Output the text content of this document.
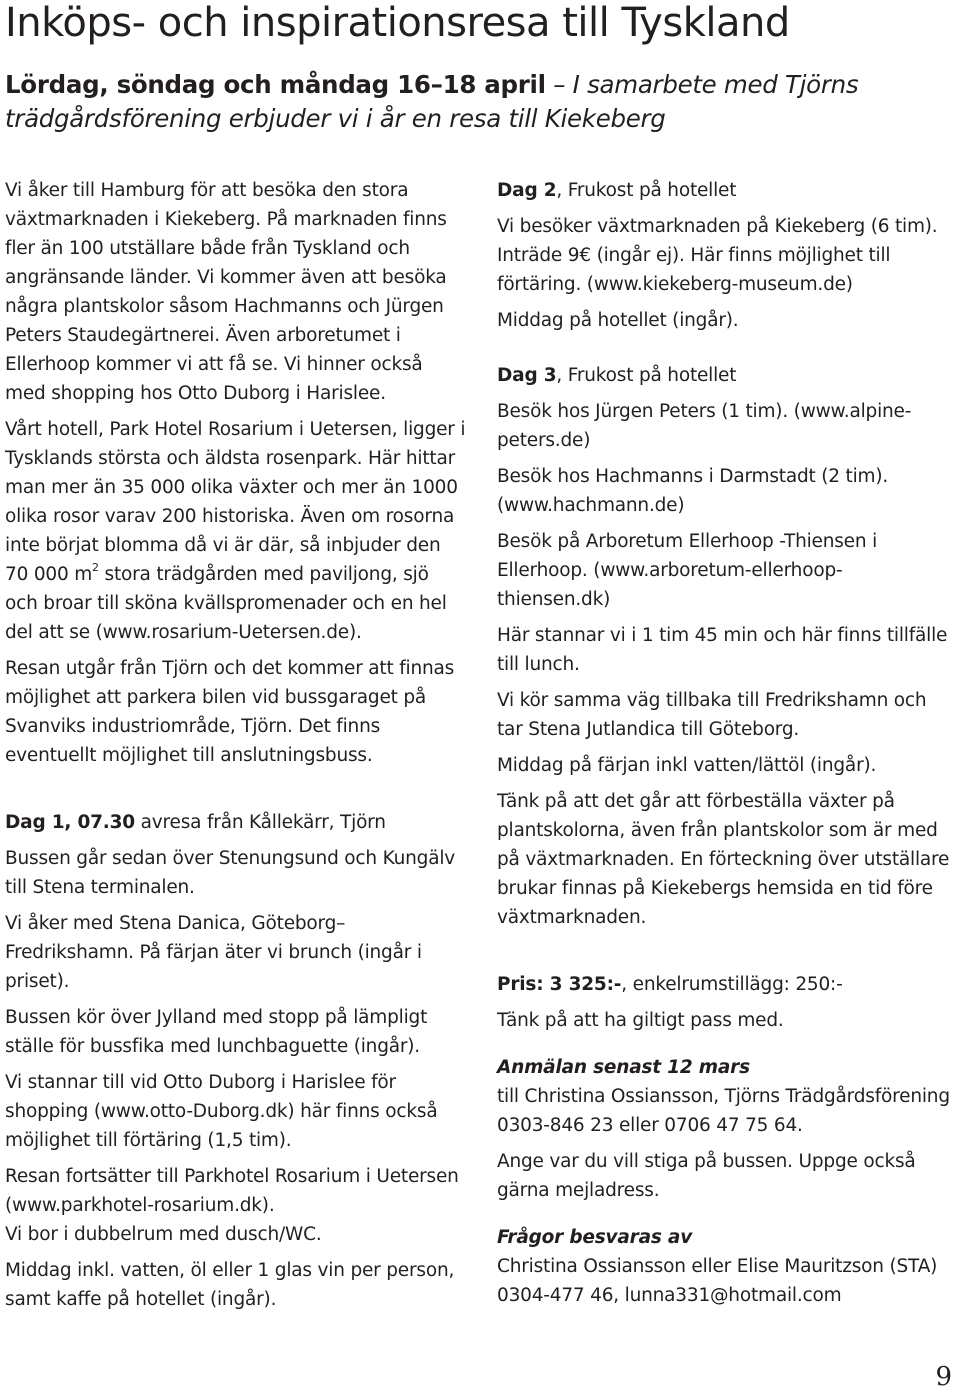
Inköps- och inspirationsresa till Tyskland

Lördag, söndag och måndag 16–18 april – I samarbete med Tjörns trädgårdsförening erbjuder vi i år en resa till Kiekeberg

Vi åker till Hamburg för att besöka den stora växtmarknaden i Kiekeberg. På marknaden finns fler än 100 utställare både från Tyskland och angränsande länder. Vi kommer även att besöka några plantskolor såsom Hachmanns och Jürgen Peters Staudegärtnerei. Även arboretumet i Ellerhoop kommer vi att få se. Vi hinner också med shopping hos Otto Duborg i Harislee.

Vårt hotell, Park Hotel Rosarium i Uetersen, ligger i Tysklands största och äldsta rosenpark. Här hittar man mer än 35 000 olika växter och mer än 1000 olika rosor varav 200 historiska. Även om rosorna inte börjat blomma då vi är där, så inbjuder den 70 000 $m^2$ stora trädgården med paviljong, sjö och broar till sköna kvällspromenader och en hel del att se (www.rosarium-Uetersen.de).

Resan utgår från Tjörn och det kommer att finnas möjlighet att parkera bilen vid bussgaraget på Svanviks industriområde, Tjörn. Det finns eventuellt möjlighet till anslutningsbuss.

Dag 1, 07.30 avresa från Kållekärr, Tjörn

Bussen går sedan över Stenungsund och Kungälv till Stena terminalen.

Vi åker med Stena Danica, Göteborg–Fredrikshamn. På färjan äter vi brunch (ingår i priset).

Bussen kör över Jylland med stopp på lämpligt ställe för bussfika med lunchbaguette (ingår).

Vi stannar till vid Otto Duborg i Harislee för shopping (www.otto-Duborg.dk) här finns också möjlighet till förtäring (1,5 tim).

Resan fortsätter till Parkhotel Rosarium i Uetersen (www.parkhotel-rosarium.dk).

Vi bor i dubbelrum med dusch/WC.

Middag inkl. vatten, öl eller 1 glas vin per person, samt kaffe på hotellet (ingår).

Dag 2, Frukost på hotellet

Vi besöker växtmarknaden på Kiekeberg (6 tim). Inträde 9€ (ingår ej). Här finns möjlighet till förtäring. (www.kiekeberg-museum.de)

Middag på hotellet (ingår).

Dag 3, Frukost på hotellet

Besök hos Jürgen Peters (1 tim). (www.alpine-peters.de)

Besök hos Hachmanns i Darmstadt (2 tim). (www.hachmann.de)

Besök på Arboretum Ellerhoop -Thiensen i Ellerhoop. (www.arboretum-ellerhoop-thiensen.dk)

Här stannar vi i 1 tim 45 min och här finns tillfälle till lunch.

Vi kör samma väg tillbaka till Fredrikshamn och tar Stena Jutlandica till Göteborg.

Middag på färjan inkl vatten/lättöl (ingår).

Tänk på att det går att förbeställa växter på plantskolorna, även från plantskolor som är med på växtmarknaden. En förteckning över utställare brukar finnas på Kiekebergs hemsida en tid före växtmarknaden.

Pris: 3 325:-, enkelrumstillägg: 250:-

Tänk på att ha giltigt pass med.

Anmälan senast 12 mars

till Christina Ossiansson, Tjörns Trädgårdsförening 0303-846 23 eller 0706 47 75 64.

Ange var du vill stiga på bussen. Uppge också gärna mejladress.

Frågor besvaras av

Christina Ossiansson eller Elise Mauritzson (STA) 0304-477 46, lunna331@hotmail.com

9
